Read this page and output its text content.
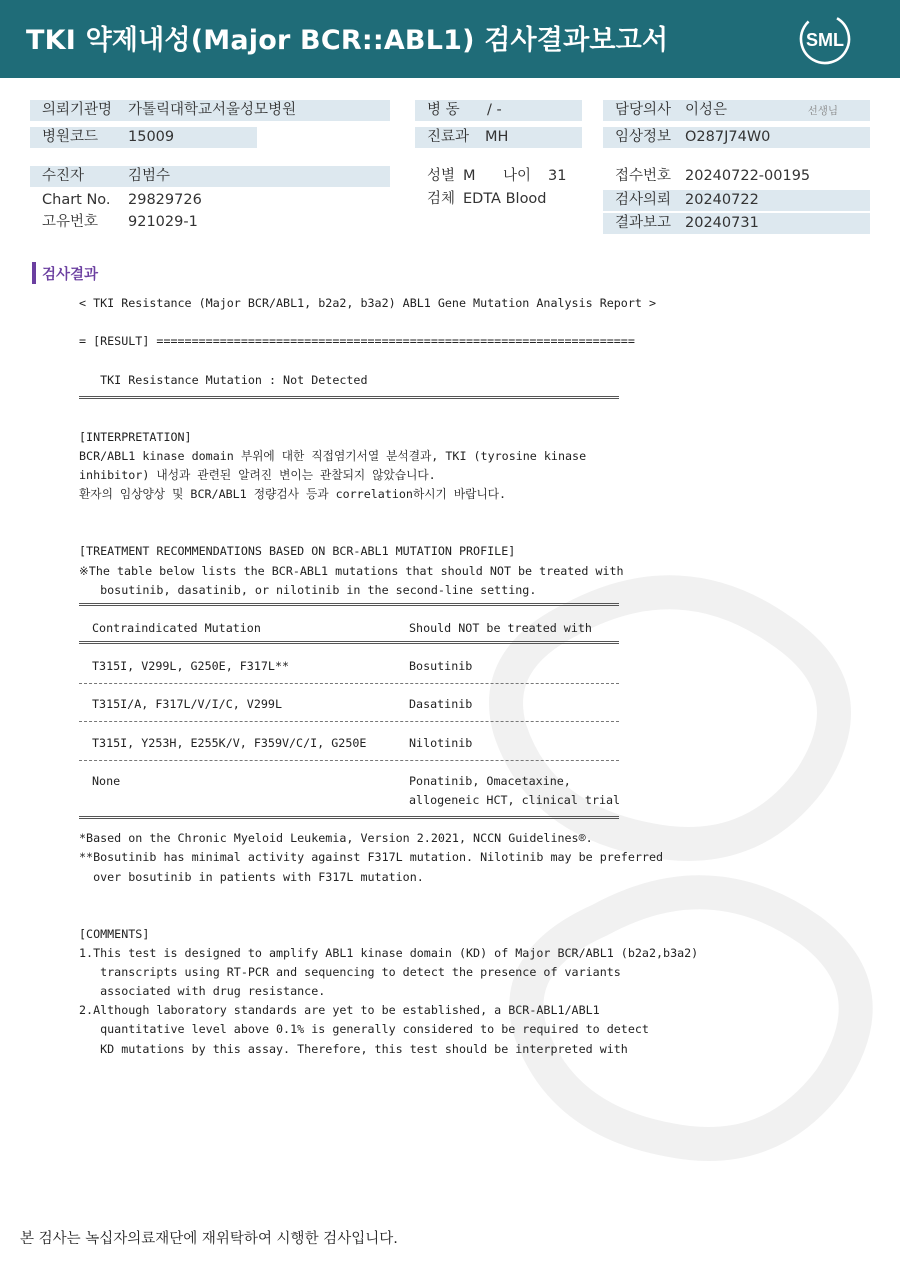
TKI 약제내성(Major BCR::ABL1) 검사결과보고서	SML
의뢰기관명 가톨릭대학교서울성모병원	병 동 / -	담당의사 이성은	선생님
병원코드 15009	진료과 MH	임상정보 O287J74W0
수진자	김범수
Chart No. 29829726
고유번호 921029-1
성별 M 나이 31
검체 EDTA Blood
접수번호 20240722-00195
검사의뢰 20240722
결과보고 20240731
검사결과
< TKI Resistance (Major BCR/ABL1, b2a2, b3a2) ABL1 Gene Mutation Analysis Report >
= [RESULT] ====================================================================
TKI Resistance Mutation : Not Detected
[INTERPRETATION]
BCR/ABL1 kinase domain 부위에 대한 직접염기서열 분석결과, TKI (tyrosine kinase
inhibitor) 내성과 관련된 알려진 변이는 관찰되지 않았습니다.
환자의 임상양상 및 BCR/ABL1 정량검사 등과 correlation하시기 바랍니다.
[TREATMENT RECOMMENDATIONS BASED ON BCR-ABL1 MUTATION PROFILE]
※The table below lists the BCR-ABL1 mutations that should NOT be treated with
bosutinib, dasatinib, or nilotinib in the second-line setting.
Contraindicated Mutation	Should NOT be treated with
T315I, V299L, G250E, F317L**	Bosutinib
T315I/A, F317L/V/I/C, V299L	Dasatinib
T315I, Y253H, E255K/V, F359V/C/I, G250E	Nilotinib
None	Ponatinib, Omacetaxine,
allogeneic HCT, clinical trial
*Based on the Chronic Myeloid Leukemia, Version 2.2021, NCCN Guidelines®.
**Bosutinib has minimal activity against F317L mutation. Nilotinib may be preferred
over bosutinib in patients with F317L mutation.
[COMMENTS]
1.This test is designed to amplify ABL1 kinase domain (KD) of Major BCR/ABL1 (b2a2,b3a2)
transcripts using RT-PCR and sequencing to detect the presence of variants
associated with drug resistance.
2.Although laboratory standards are yet to be established, a BCR-ABL1/ABL1
quantitative level above 0.1% is generally considered to be required to detect
KD mutations by this assay. Therefore, this test should be interpreted with
본 검사는 녹십자의료재단에 재위탁하여 시행한 검사입니다.
